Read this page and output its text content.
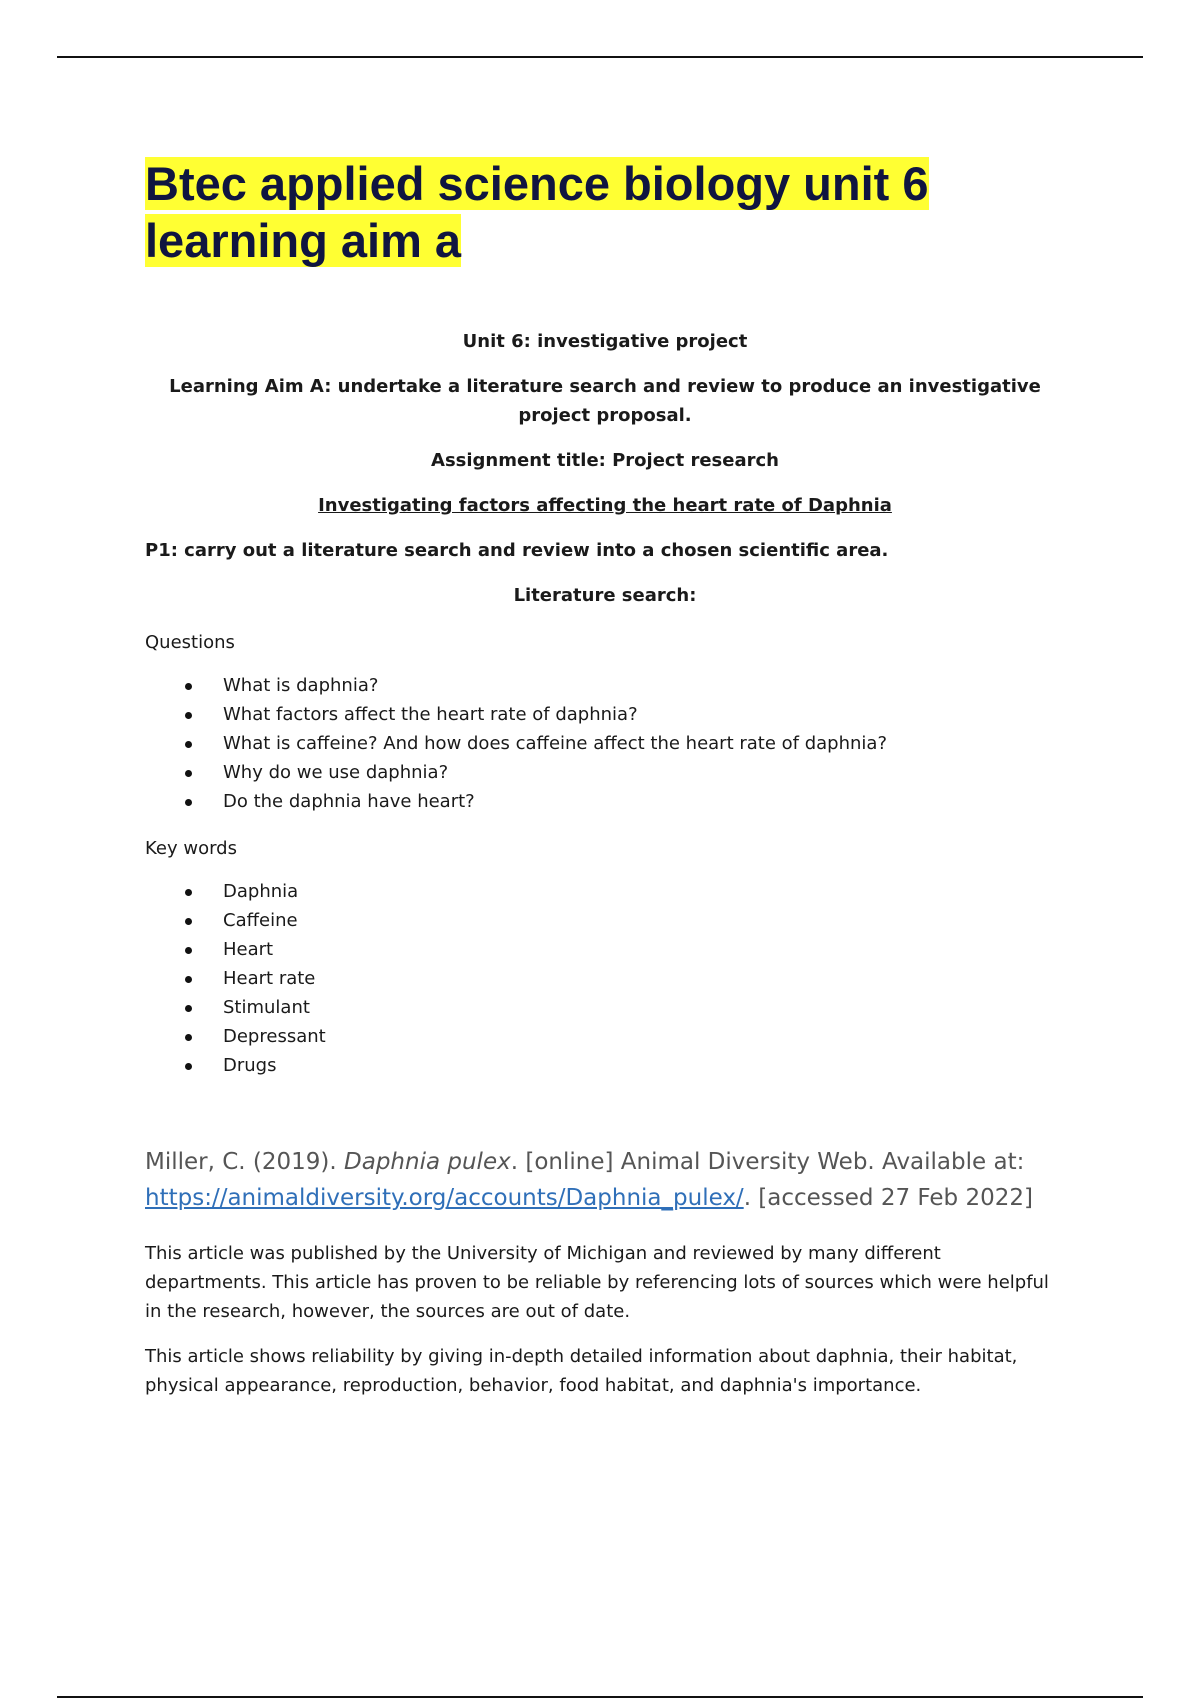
Btec applied science biology unit 6 learning aim a

Unit 6: investigative project

Learning Aim A: undertake a literature search and review to produce an investigative project proposal.

Assignment title: Project research

Investigating factors affecting the heart rate of Daphnia

P1: carry out a literature search and review into a chosen scientific area.

Literature search:

Questions

What is daphnia?
What factors affect the heart rate of daphnia?
What is caffeine? And how does caffeine affect the heart rate of daphnia?
Why do we use daphnia?
Do the daphnia have heart?

Key words

Daphnia
Caffeine
Heart
Heart rate
Stimulant
Depressant
Drugs

Miller, C. (2019). Daphnia pulex. [online] Animal Diversity Web. Available at: https://animaldiversity.org/accounts/Daphnia_pulex/. [accessed 27 Feb 2022]

This article was published by the University of Michigan and reviewed by many different departments. This article has proven to be reliable by referencing lots of sources which were helpful in the research, however, the sources are out of date.

This article shows reliability by giving in-depth detailed information about daphnia, their habitat, physical appearance, reproduction, behavior, food habitat, and daphnia's importance.
